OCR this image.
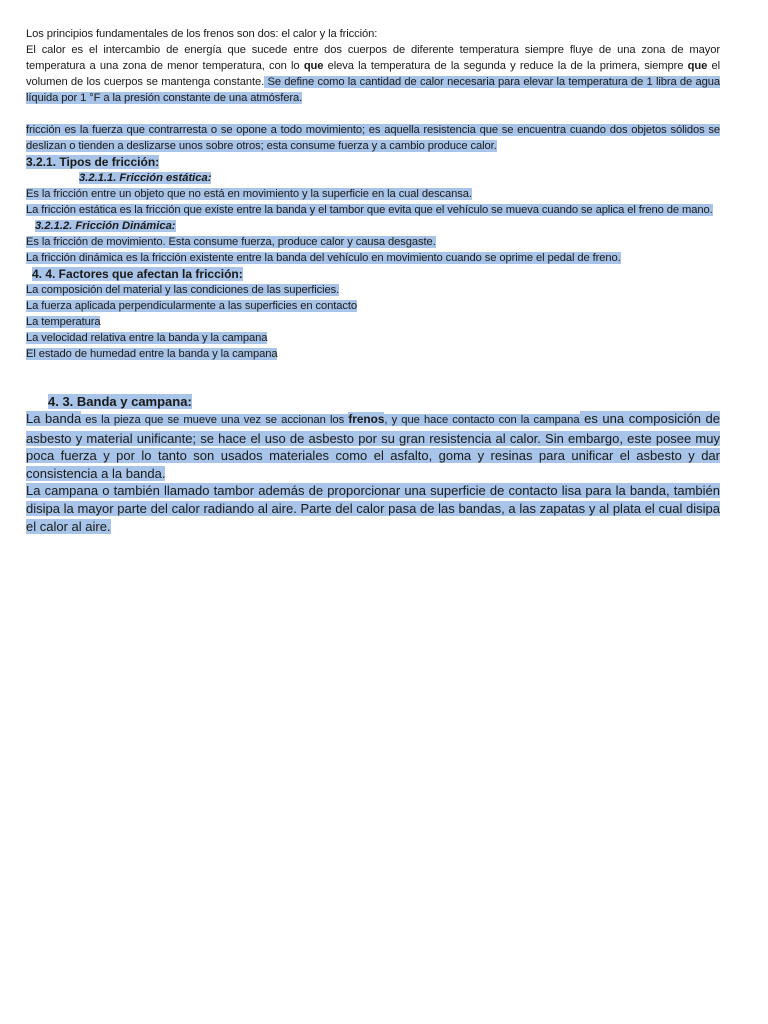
Los principios fundamentales de los frenos son dos: el calor y la fricción:

El calor es el intercambio de energía que sucede entre dos cuerpos de diferente temperatura siempre fluye de una zona de mayor temperatura a una zona de menor temperatura, con lo que eleva la temperatura de la segunda y reduce la de la primera, siempre que el volumen de los cuerpos se mantenga constante. Se define como la cantidad de calor necesaria para elevar la temperatura de 1 libra de agua líquida por 1 °F a la presión constante de una atmósfera.

fricción es la fuerza que contrarresta o se opone a todo movimiento; es aquella resistencia que se encuentra cuando dos objetos sólidos se deslizan o tienden a deslizarse unos sobre otros; esta consume fuerza y a cambio produce calor.

3.2.1. Tipos de fricción:

3.2.1.1. Fricción estática:

Es la fricción entre un objeto que no está en movimiento y la superficie en la cual descansa.

La fricción estática es la fricción que existe entre la banda y el tambor que evita que el vehículo se mueva cuando se aplica el freno de mano.

3.2.1.2. Fricción Dinámica:

Es la fricción de movimiento. Esta consume fuerza, produce calor y causa desgaste.

La fricción dinámica es la fricción existente entre la banda del vehículo en movimiento cuando se oprime el pedal de freno.

4. 4. Factores que afectan la fricción:

La composición del material y las condiciones de las superficies.

La fuerza aplicada perpendicularmente a las superficies en contacto

La temperatura

La velocidad relativa entre la banda y la campana

El estado de humedad entre la banda y la campana

4. 3. Banda y campana:

La banda es la pieza que se mueve una vez se accionan los frenos, y que hace contacto con la campana es una composición de asbesto y material unificante; se hace el uso de asbesto por su gran resistencia al calor. Sin embargo, este posee muy poca fuerza y por lo tanto son usados materiales como el asfalto, goma y resinas para unificar el asbesto y dar consistencia a la banda.

La campana o también llamado tambor además de proporcionar una superficie de contacto lisa para la banda, también disipa la mayor parte del calor radiando al aire. Parte del calor pasa de las bandas, a las zapatas y al plata el cual disipa el calor al aire.
